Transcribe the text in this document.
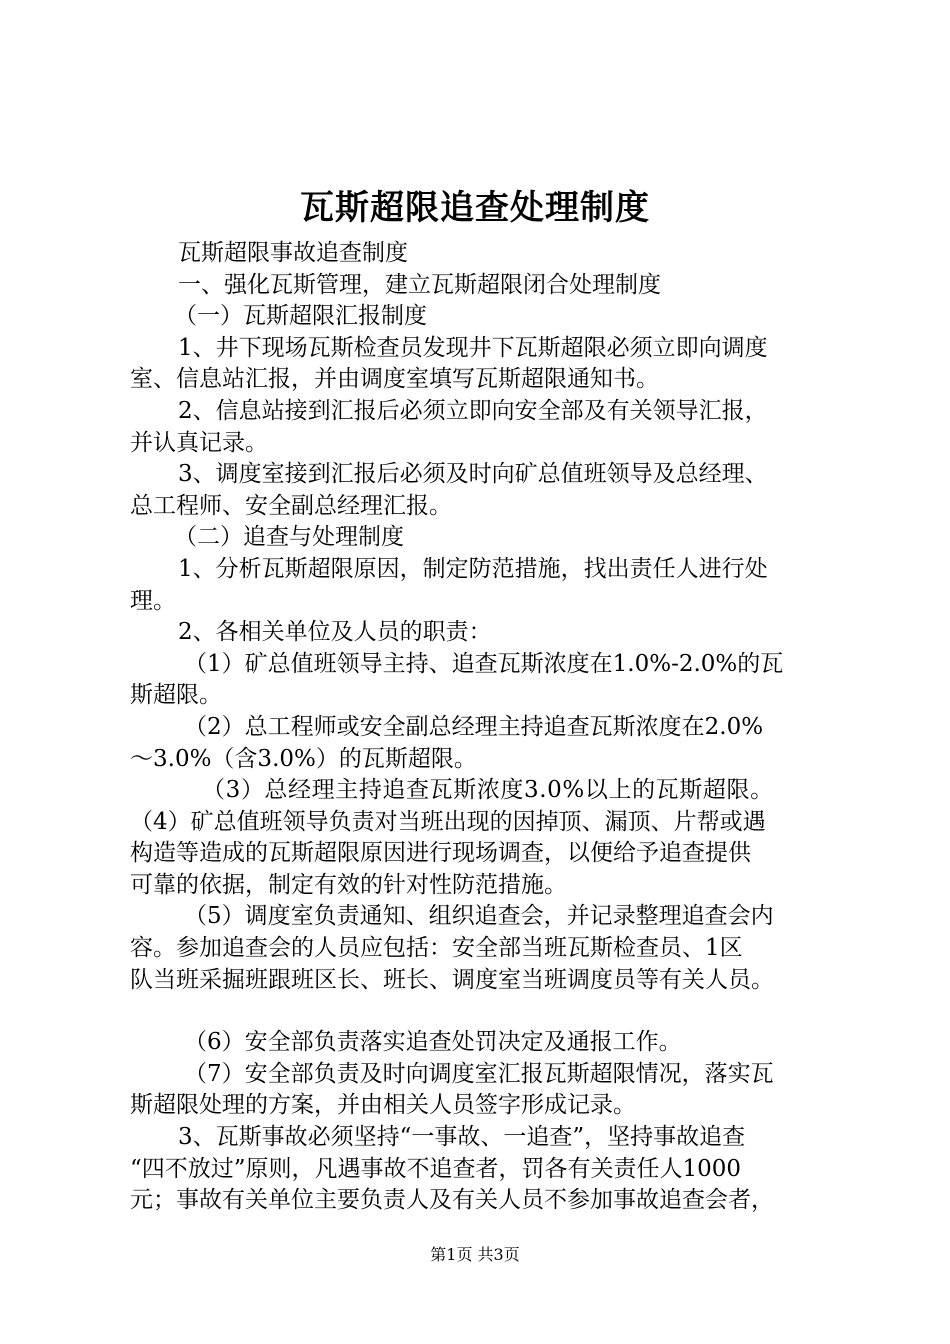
瓦斯超限追查处理制度
瓦斯超限事故追查制度
一、强化瓦斯管理，建立瓦斯超限闭合处理制度
（一）瓦斯超限汇报制度
1、井下现场瓦斯检查员发现井下瓦斯超限必须立即向调度
室、信息站汇报，并由调度室填写瓦斯超限通知书。
2、信息站接到汇报后必须立即向安全部及有关领导汇报，
并认真记录。
3、调度室接到汇报后必须及时向矿总值班领导及总经理、
总工程师、安全副总经理汇报。
（二）追查与处理制度
1、分析瓦斯超限原因，制定防范措施，找出责任人进行处
理。
2、各相关单位及人员的职责：
（1）矿总值班领导主持、追查瓦斯浓度在1.0%-2.0%的瓦
斯超限。
（2）总工程师或安全副总经理主持追查瓦斯浓度在2.0%
～3.0%（含3.0%）的瓦斯超限。
（3）总经理主持追查瓦斯浓度3.0%以上的瓦斯超限。
（4）矿总值班领导负责对当班出现的因掉顶、漏顶、片帮或遇
构造等造成的瓦斯超限原因进行现场调查，以便给予追查提供
可靠的依据，制定有效的针对性防范措施。
（5）调度室负责通知、组织追查会，并记录整理追查会内
容。参加追查会的人员应包括：安全部当班瓦斯检查员、1区
队当班采掘班跟班区长、班长、调度室当班调度员等有关人员。
（6）安全部负责落实追查处罚决定及通报工作。
（7）安全部负责及时向调度室汇报瓦斯超限情况，落实瓦
斯超限处理的方案，并由相关人员签字形成记录。
3、瓦斯事故必须坚持“一事故、一追查”，坚持事故追查
“四不放过”原则，凡遇事故不追查者，罚各有关责任人1000
元；事故有关单位主要负责人及有关人员不参加事故追查会者，
第1页 共3页
